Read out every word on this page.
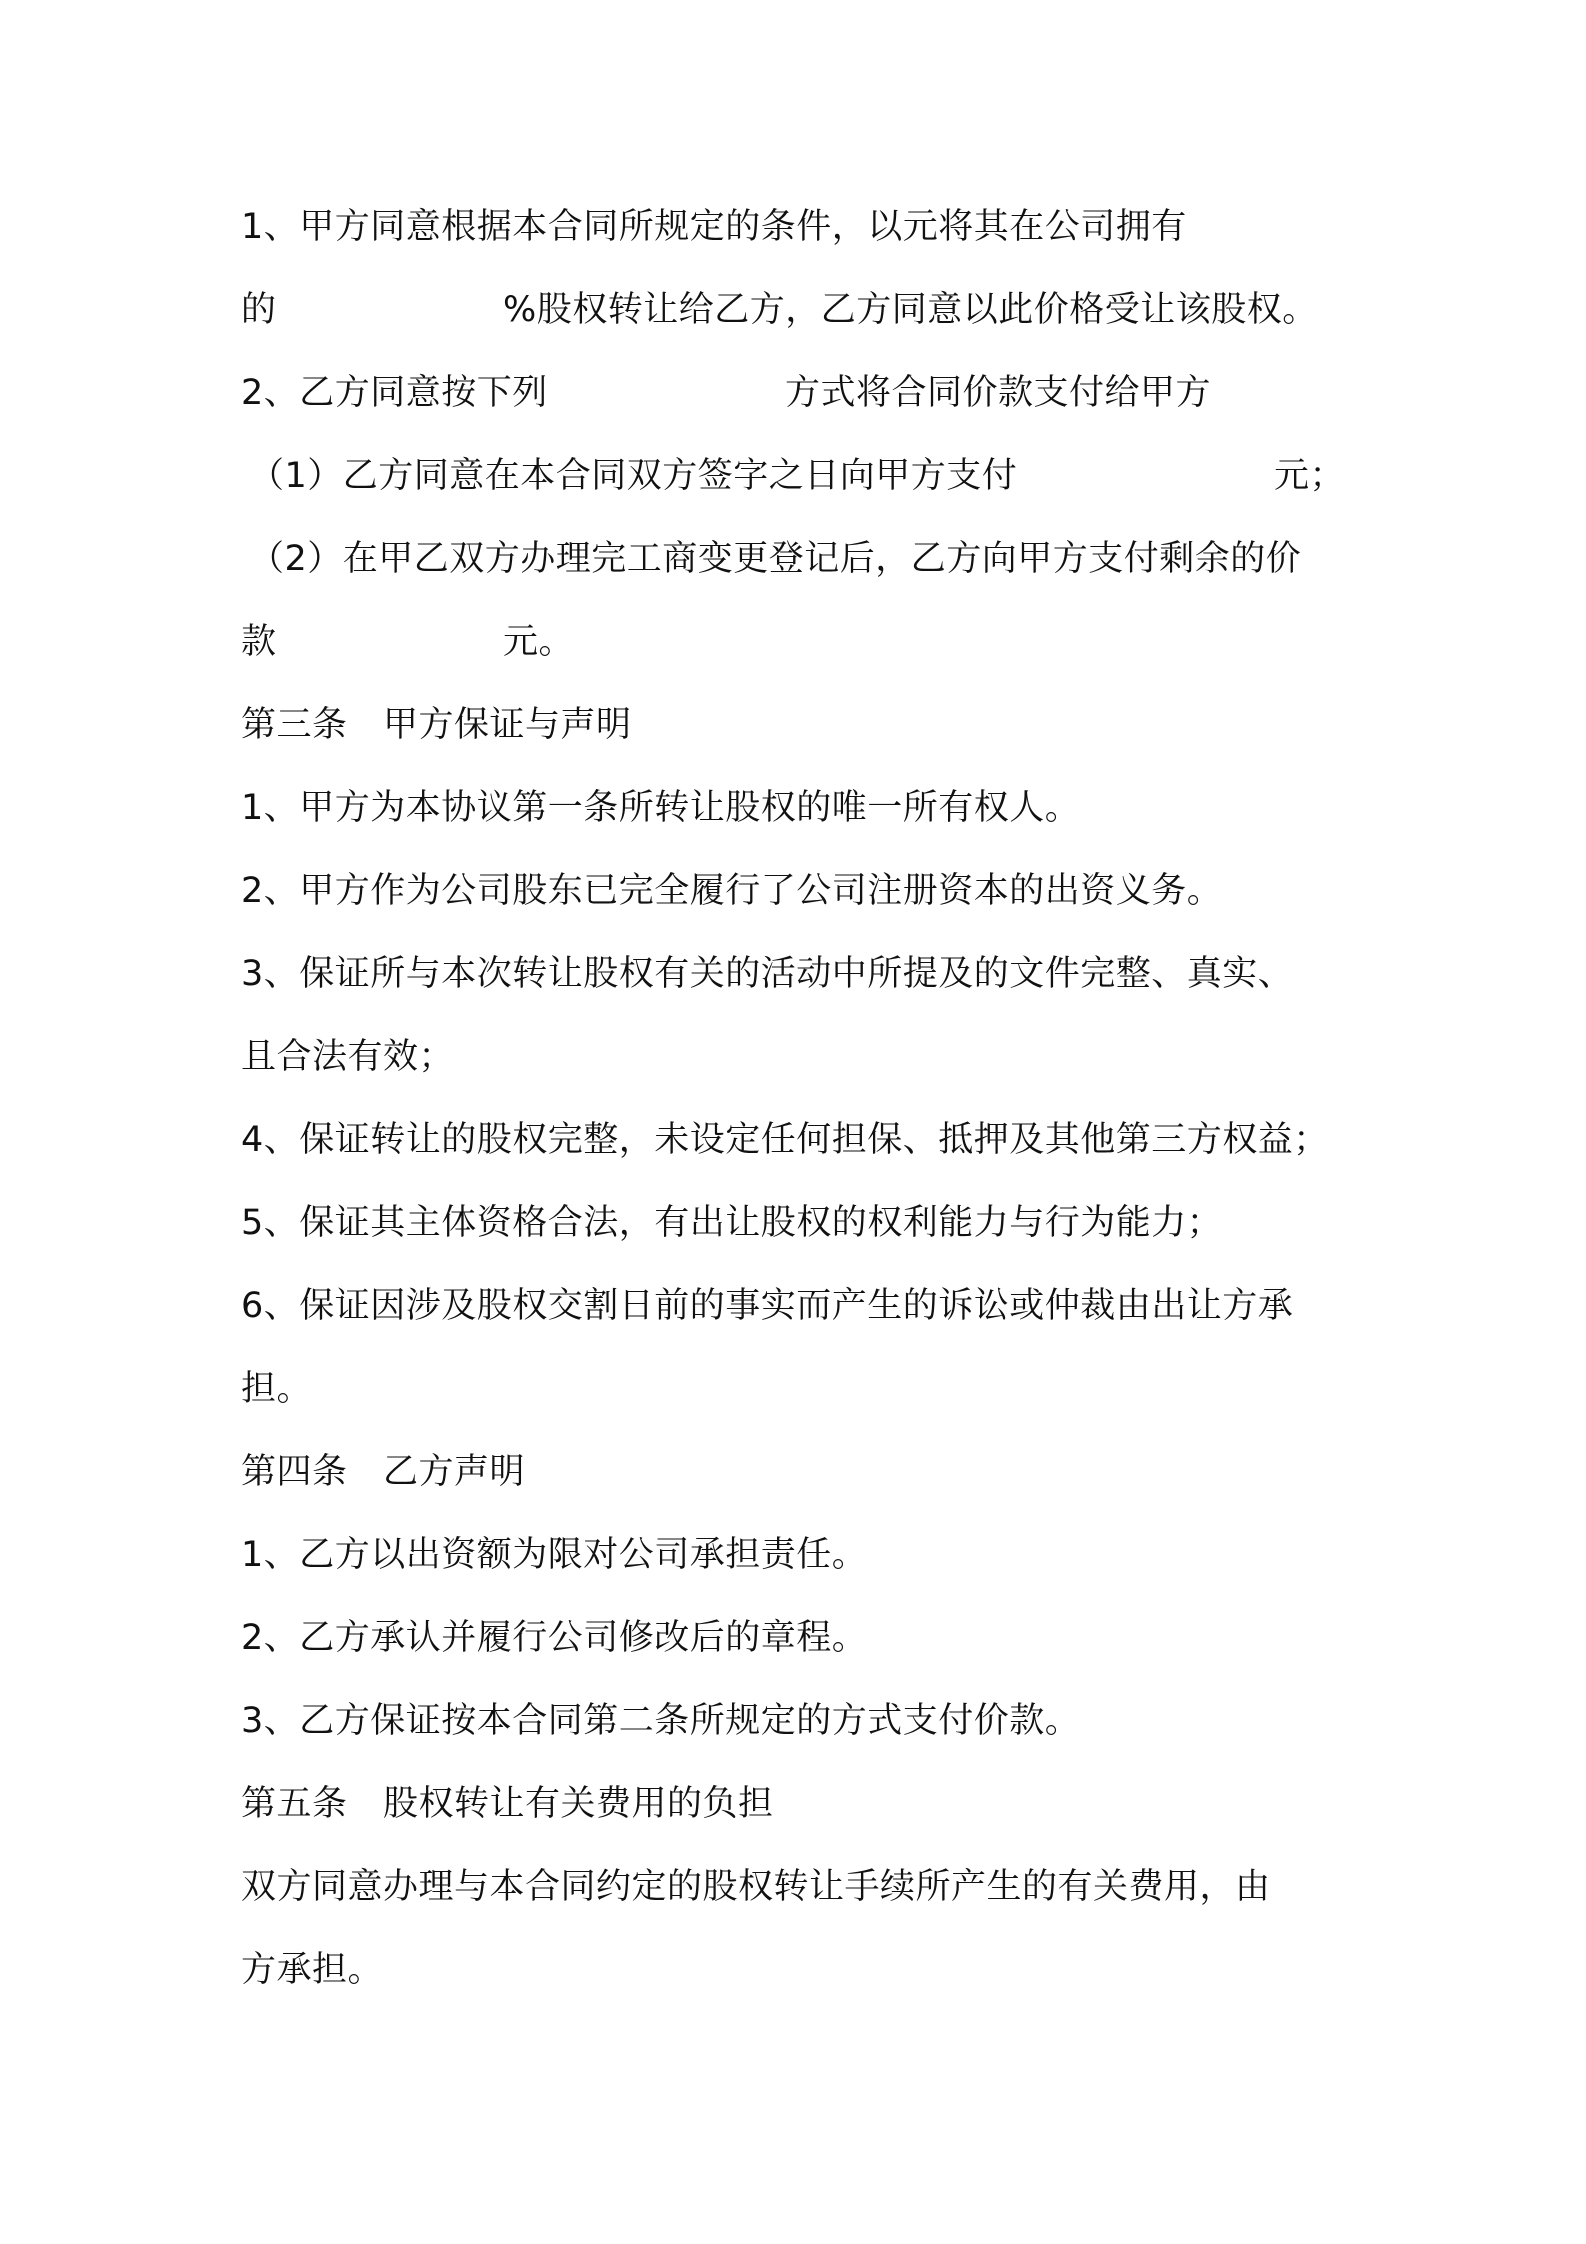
1、甲方同意根据本合同所规定的条件，以元将其在公司拥有
的	%股权转让给乙方，乙方同意以此价格受让该股权。
2、乙方同意按下列	方式将合同价款支付给甲方
（1）乙方同意在本合同双方签字之日向甲方支付	元；
（2）在甲乙双方办理完工商变更登记后，乙方向甲方支付剩余的价
款	元。
第三条　甲方保证与声明
1、甲方为本协议第一条所转让股权的唯一所有权人。
2、甲方作为公司股东已完全履行了公司注册资本的出资义务。
3、保证所与本次转让股权有关的活动中所提及的文件完整、真实、
且合法有效；
4、保证转让的股权完整，未设定任何担保、抵押及其他第三方权益；
5、保证其主体资格合法，有出让股权的权利能力与行为能力；
6、保证因涉及股权交割日前的事实而产生的诉讼或仲裁由出让方承
担。
第四条　乙方声明
1、乙方以出资额为限对公司承担责任。
2、乙方承认并履行公司修改后的章程。
3、乙方保证按本合同第二条所规定的方式支付价款。
第五条　股权转让有关费用的负担
双方同意办理与本合同约定的股权转让手续所产生的有关费用，由
方承担。
